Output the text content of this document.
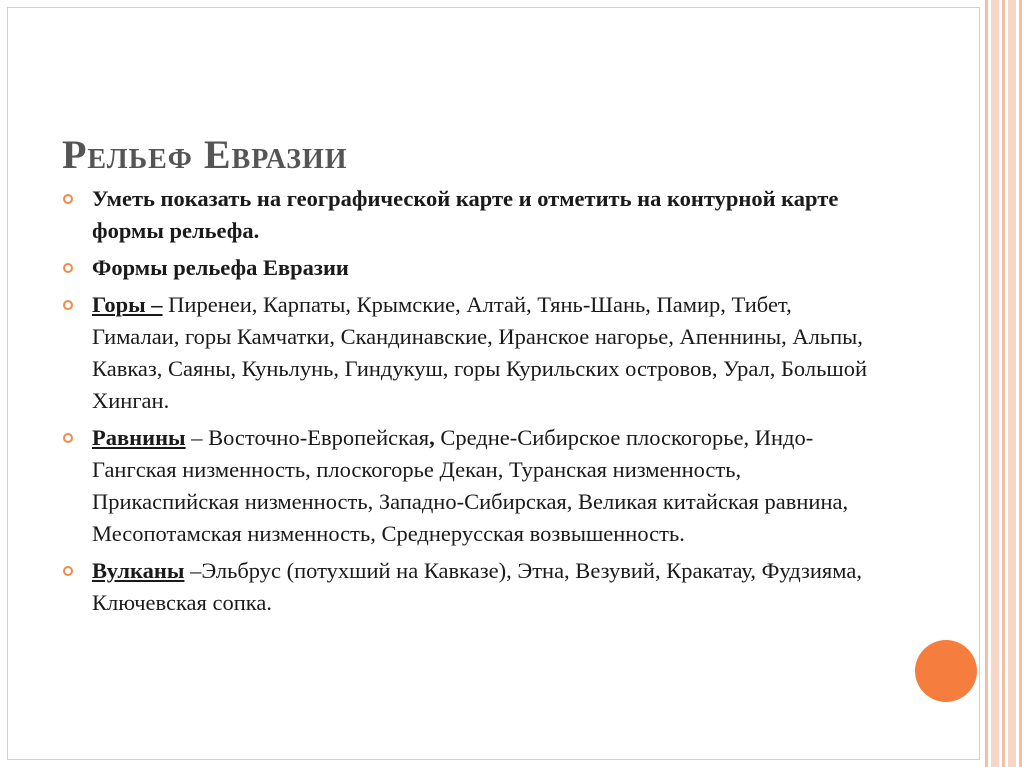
Рельеф Евразии
Уметь показать на географической карте и отметить на контурной карте формы рельефа.
Формы рельефа Евразии
Горы – Пиренеи, Карпаты, Крымские, Алтай, Тянь-Шань, Памир, Тибет, Гималаи, горы Камчатки, Скандинавские, Иранское нагорье, Апеннины, Альпы, Кавказ, Саяны, Куньлунь, Гиндукуш, горы Курильских островов, Урал, Большой Хинган.
Равнины – Восточно-Европейская, Средне-Сибирское плоскогорье, Индо-Гангская низменность, плоскогорье Декан, Туранская низменность, Прикаспийская низменность, Западно-Сибирская, Великая китайская равнина, Месопотамская низменность, Среднерусская возвышенность.
Вулканы –Эльбрус (потухший на Кавказе), Этна, Везувий, Кракатау, Фудзияма, Ключевская сопка.
